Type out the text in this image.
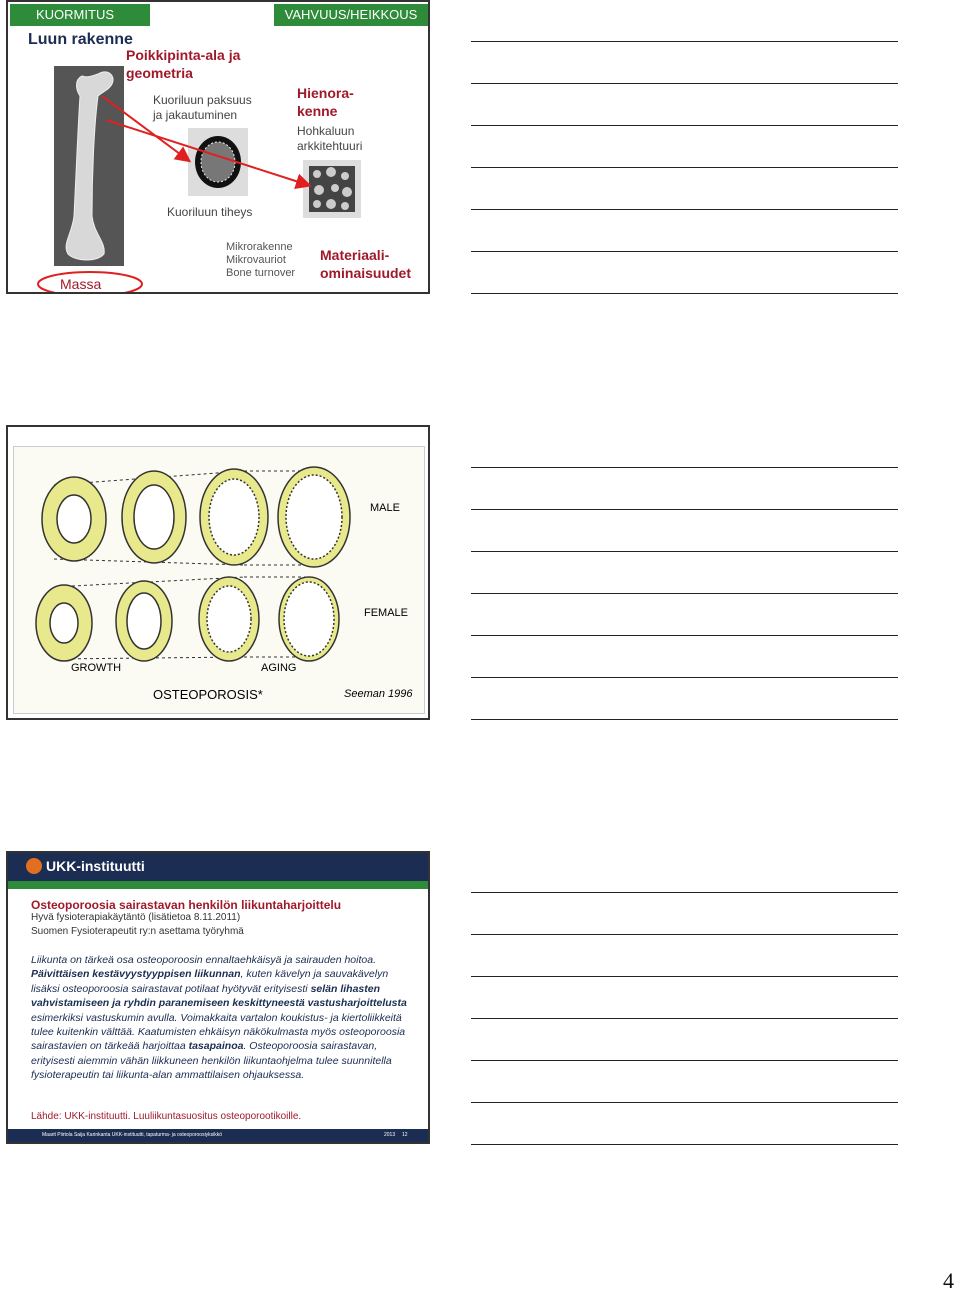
KUORMITUS	VAHVUUS/HEIKKOUS
Luun rakenne
Poikkipinta-ala ja
geometria
Kuoriluun paksuus
ja jakautuminen
Hienora-
kenne
Hohkaluun
arkkitehtuuri
Kuoriluun tiheys
Mikrorakenne
Mikrovauriot
Bone turnover
Materiaali-
ominaisuudet
Massa
MALE
FEMALE
GROWTH	AGING
OSTEOPOROSIS*	Seeman 1996
UKK-instituutti
Osteoporoosia sairastavan henkilön liikuntaharjoittelu
Hyvä fysioterapiakäytäntö (lisätietoa 8.11.2011)
Suomen Fysioterapeutit ry:n asettama työryhmä
Liikunta on tärkeä osa osteoporoosin ennaltaehkäisyä ja sairauden hoitoa. Päivittäisen kestävyystyyppisen liikunnan, kuten kävelyn ja sauvakävelyn lisäksi osteoporoosia sairastavat potilaat hyötyvät erityisesti selän lihasten vahvistamiseen ja ryhdin paranemiseen keskittyneestä vastusharjoittelusta esimerkiksi vastuskumin avulla. Voimakkaita vartalon koukistus- ja kiertoliikkeitä tulee kuitenkin välttää. Kaatumisten ehkäisyn näkökulmasta myös osteoporoosia sairastavien on tärkeää harjoittaa tasapainoa. Osteoporoosia sairastavan, erityisesti aiemmin vähän liikkuneen henkilön liikuntaohjelma tulee suunnitella fysioterapeutin tai liikunta-alan ammattilaisen ohjauksessa.
Lähde: UKK-instituutti. Luuliikuntasuositus osteoporootikoille.
Maarit Piirtola Saija Karinkanta UKK-instituutti, tapaturma- ja osteoporoosiyksikkö	2013 12
4
